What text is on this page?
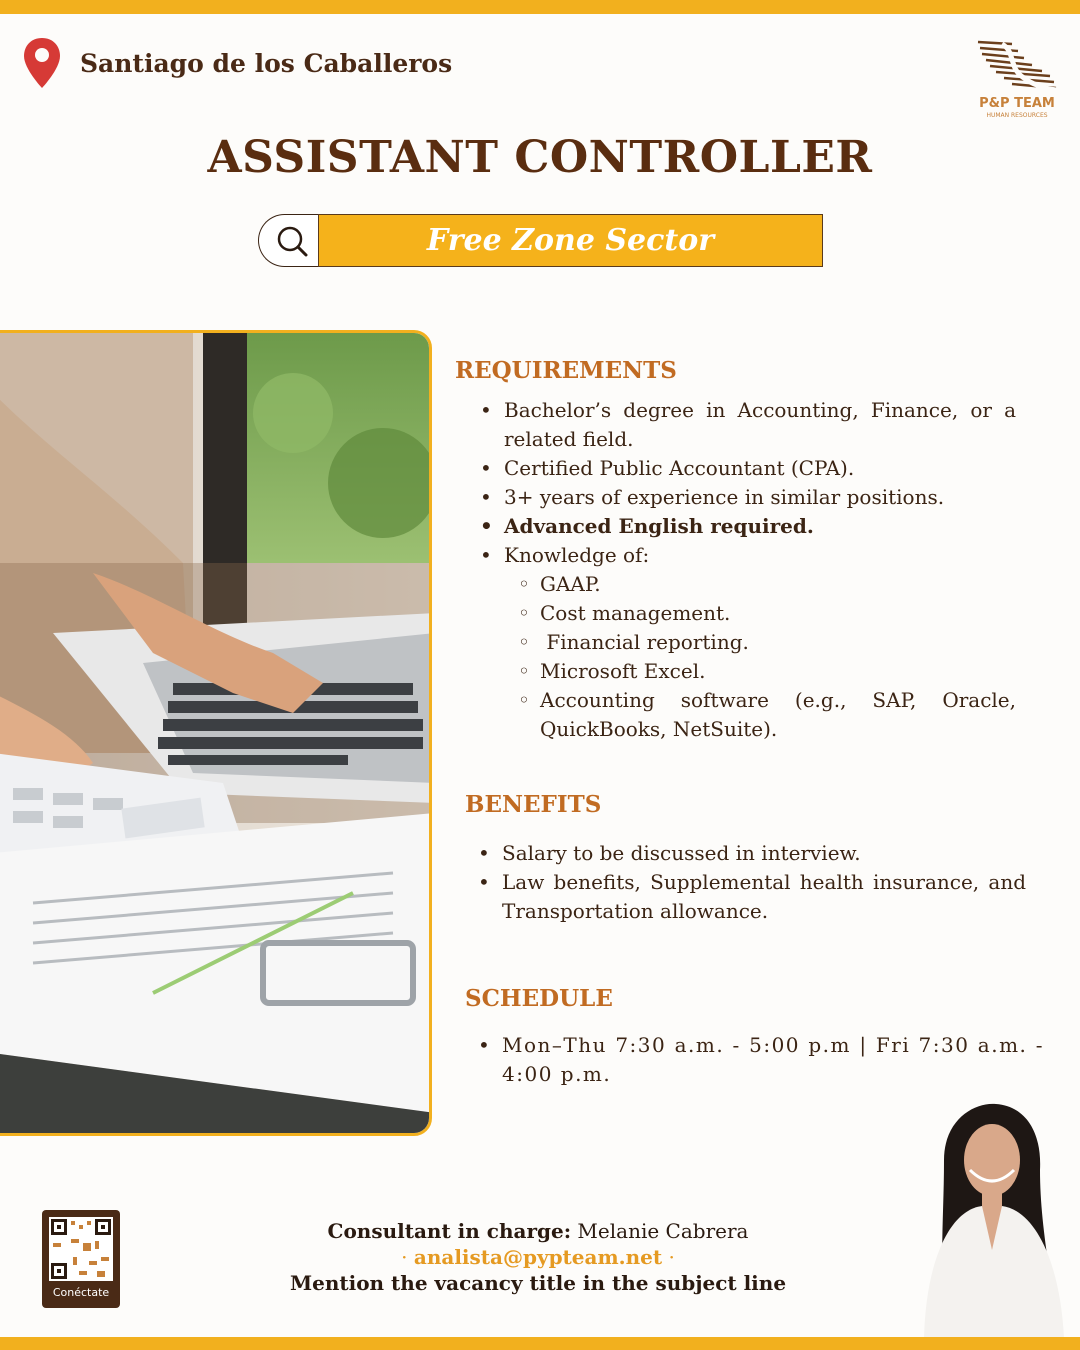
Santiago de los Caballeros
P&P TEAM
HUMAN RESOURCES
ASSISTANT CONTROLLER
Free Zone Sector
REQUIREMENTS
• Bachelor’s degree in Accounting, Finance, or a related field.
• Certified Public Accountant (CPA).
• 3+ years of experience in similar positions.
• Advanced English required.
• Knowledge of:
◦ GAAP.
◦ Cost management.
◦  Financial reporting.
◦ Microsoft Excel.
◦ Accounting software (e.g., SAP, Oracle, QuickBooks, NetSuite).
BENEFITS
• Salary to be discussed in interview.
• Law benefits, Supplemental health insurance, and Transportation allowance.
SCHEDULE
• Mon–Thu 7:30 a.m. - 5:00 p.m | Fri 7:30 a.m. - 4:00 p.m.
Conéctate
Consultant in charge: Melanie Cabrera
· analista@pypteam.net ·
Mention the vacancy title in the subject line
